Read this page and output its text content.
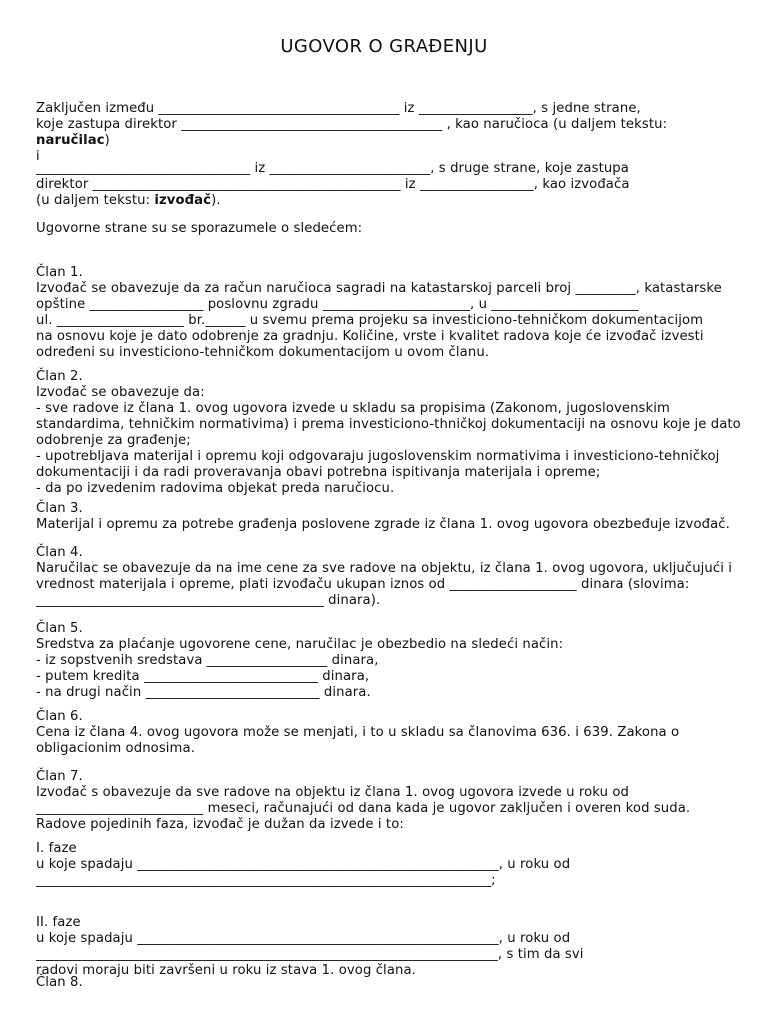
UGOVOR O GRAĐENJU
Zaključen između ____________________________________ iz _________________, s jedne strane,
koje zastupa direktor _______________________________________ , kao naručioca (u daljem tekstu:
naručilac)
i
________________________________ iz ________________________, s druge strane, koje zastupa
direktor ______________________________________________ iz _________________, kao izvođača
(u daljem tekstu: izvođač).
Ugovorne strane su se sporazumele o sledećem:
Član 1.
Izvođač se obavezuje da za račun naručioca sagradi na katastarskoj parceli broj _________, katastarske
opštine _________________ poslovnu zgradu ______________________, u ______________________
ul. ___________________ br.______ u svemu prema projeku sa investiciono-tehničkom dokumentacijom
na osnovu koje je dato odobrenje za gradnju. Količine, vrste i kvalitet radova koje će izvođač izvesti
određeni su investiciono-tehničkom dokumentacijom u ovom članu.
Član 2.
Izvođač se obavezuje da:
- sve radove iz člana 1. ovog ugovora izvede u skladu sa propisima (Zakonom, jugoslovenskim
standardima, tehničkim normativima) i prema investiciono-thničkoj dokumentaciji na osnovu koje je dato
odobrenje za građenje;
- upotrebljava materijal i opremu koji odgovaraju jugoslovenskim normativima i investiciono-tehničkoj
dokumentaciji i da radi proveravanja obavi potrebna ispitivanja materijala i opreme;
- da po izvedenim radovima objekat preda naručiocu.
Član 3.
Materijal i opremu za potrebe građenja poslovene zgrade iz člana 1. ovog ugovora obezbeđuje izvođač.
Član 4.
Naručilac se obavezuje da na ime cene za sve radove na objektu, iz člana 1. ovog ugovora, uključujući i
vrednost materijala i opreme, plati izvođaču ukupan iznos od ___________________ dinara (slovima:
___________________________________________ dinara).
Član 5.
Sredstva za plaćanje ugovorene cene, naručilac je obezbedio na sledeći način:
- iz sopstvenih sredstava __________________ dinara,
- putem kredita __________________________ dinara,
- na drugi način __________________________ dinara.
Član 6.
Cena iz člana 4. ovog ugovora može se menjati, i to u skladu sa članovima 636. i 639. Zakona o
obligacionim odnosima.
Član 7.
Izvođač s obavezuje da sve radove na objektu iz člana 1. ovog ugovora izvede u roku od
_________________________ meseci, računajući od dana kada je ugovor zaključen i overen kod suda.
Radove pojedinih faza, izvođač je dužan da izvede i to:
I. faze
u koje spadaju ______________________________________________________, u roku od
____________________________________________________________________;
II. faze
u koje spadaju ______________________________________________________, u roku od
_____________________________________________________________________, s tim da svi
radovi moraju biti završeni u roku iz stava 1. ovog člana.
Član 8.
